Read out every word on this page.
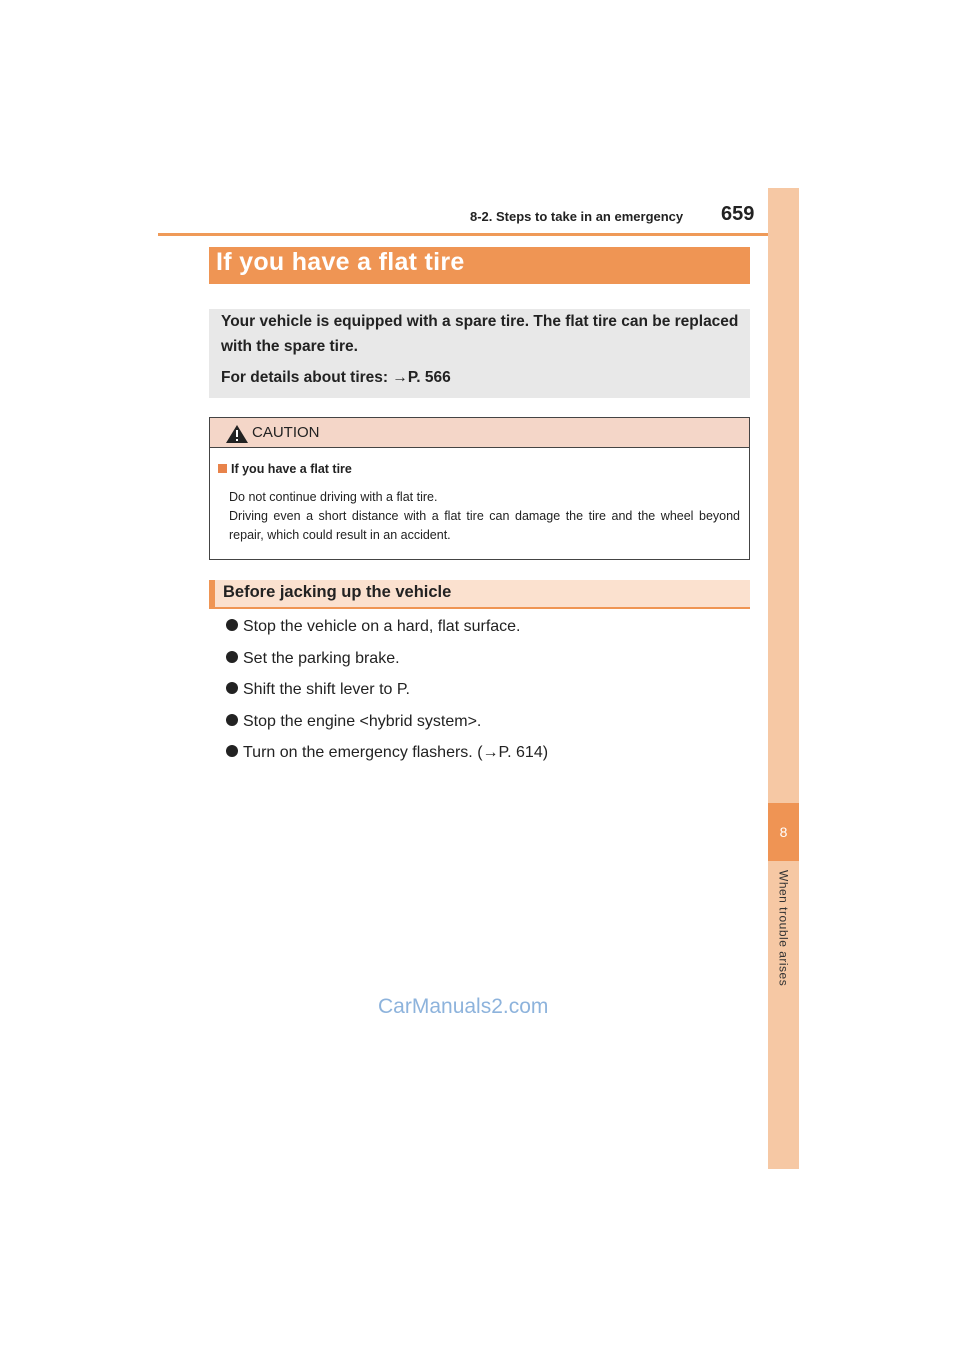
8-2. Steps to take in an emergency 659
8
When trouble arises
If you have a flat tire

Your vehicle is equipped with a spare tire. The flat tire can be replaced

with the spare tire.

For details about tires: →P. 566

CAUTION
If you have a flat tire

Do not continue driving with a flat tire.

Driving even a short distance with a flat tire can damage the tire and the wheel beyond repair, which could result in an accident.

Before jacking up the vehicle
Stop the vehicle on a hard, flat surface.
Set the parking brake.
Shift the shift lever to P.
Stop the engine <hybrid system>.
Turn on the emergency flashers. (→P. 614)
CarManuals2.com
